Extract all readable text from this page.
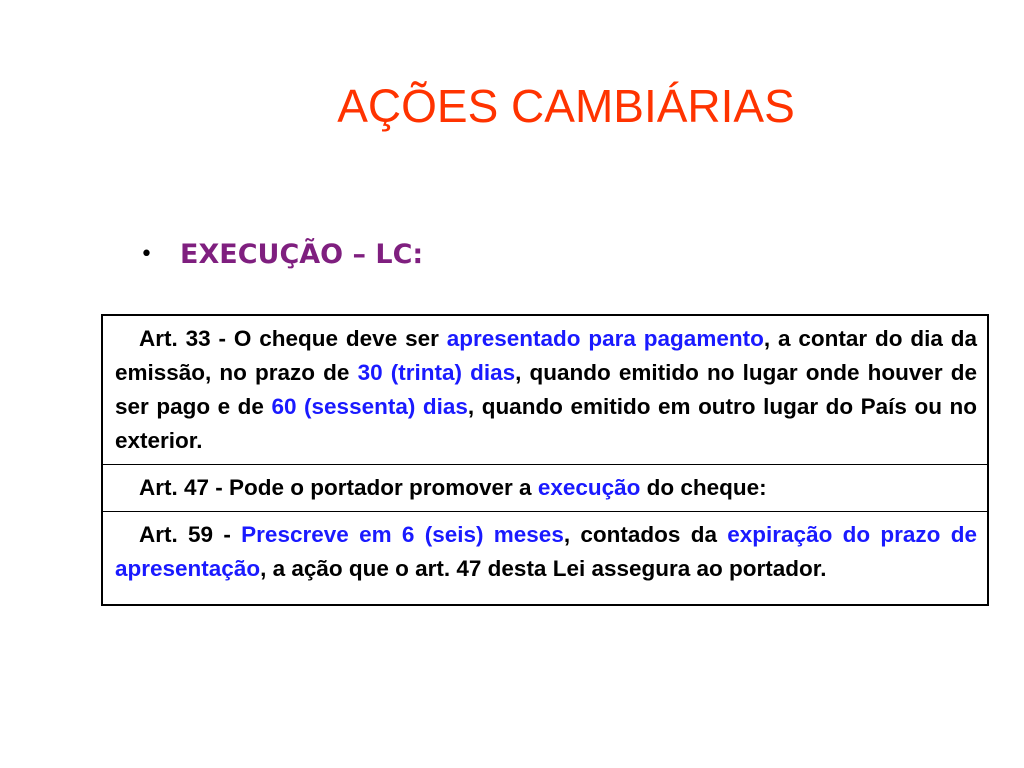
AÇÕES CAMBIÁRIAS
•	EXECUÇÃO – LC:
Art. 33 - O cheque deve ser apresentado para pagamento, a contar do dia da emissão, no prazo de 30 (trinta) dias, quando emitido no lugar onde houver de ser pago e de 60 (sessenta) dias, quando emitido em outro lugar do País ou no exterior.
Art. 47 - Pode o portador promover a execução do cheque:
Art. 59 - Prescreve em 6 (seis) meses, contados da expiração do prazo de apresentação, a ação que o art. 47 desta Lei assegura ao portador.
